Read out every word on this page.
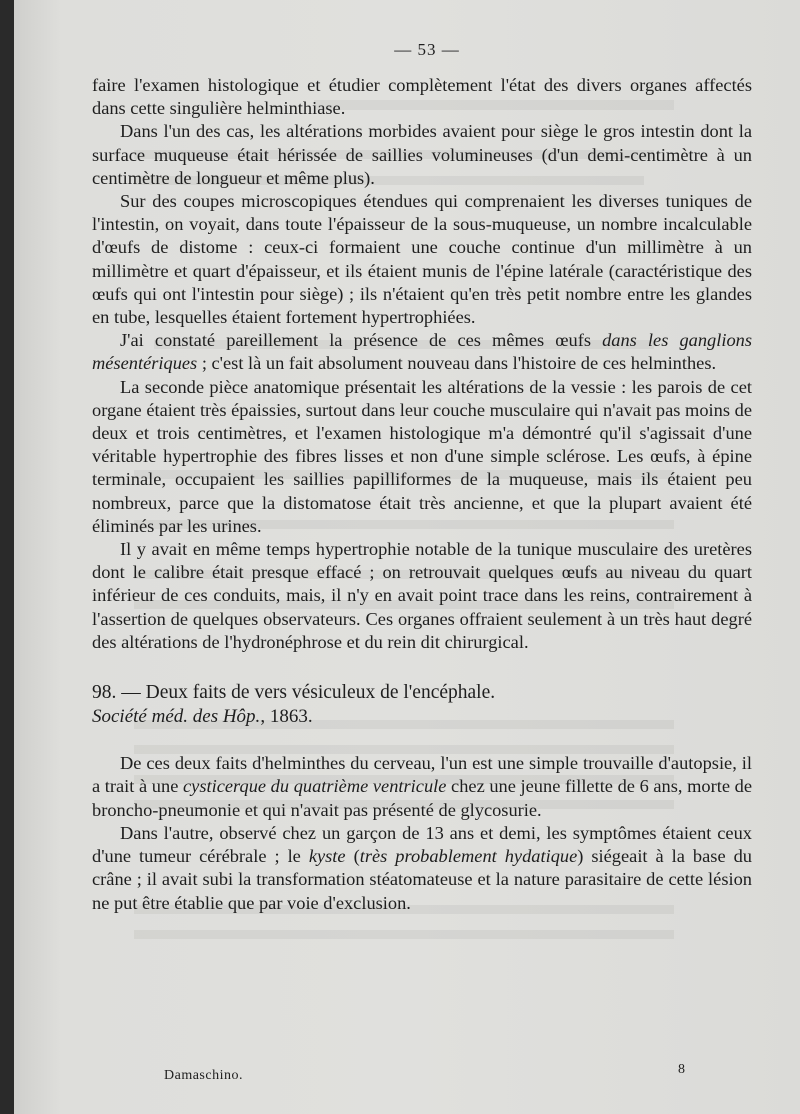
— 53 —

faire l'examen histologique et étudier complètement l'état des divers organes affectés dans cette singulière helminthiase.

Dans l'un des cas, les altérations morbides avaient pour siège le gros intestin dont la surface muqueuse était hérissée de saillies volumineuses (d'un demi-centimètre à un centimètre de longueur et même plus).

Sur des coupes microscopiques étendues qui comprenaient les diverses tuniques de l'intestin, on voyait, dans toute l'épaisseur de la sous-muqueuse, un nombre incalculable d'œufs de distome : ceux-ci formaient une couche continue d'un millimètre à un millimètre et quart d'épaisseur, et ils étaient munis de l'épine latérale (caractéristique des œufs qui ont l'intestin pour siège) ; ils n'étaient qu'en très petit nombre entre les glandes en tube, lesquelles étaient fortement hypertrophiées.

J'ai constaté pareillement la présence de ces mêmes œufs dans les ganglions mésentériques ; c'est là un fait absolument nouveau dans l'histoire de ces helminthes.

La seconde pièce anatomique présentait les altérations de la vessie : les parois de cet organe étaient très épaissies, surtout dans leur couche musculaire qui n'avait pas moins de deux et trois centimètres, et l'examen histologique m'a démontré qu'il s'agissait d'une véritable hypertrophie des fibres lisses et non d'une simple sclérose. Les œufs, à épine terminale, occupaient les saillies papilliformes de la muqueuse, mais ils étaient peu nombreux, parce que la distomatose était très ancienne, et que la plupart avaient été éliminés par les urines.

Il y avait en même temps hypertrophie notable de la tunique musculaire des uretères dont le calibre était presque effacé ; on retrouvait quelques œufs au niveau du quart inférieur de ces conduits, mais, il n'y en avait point trace dans les reins, contrairement à l'assertion de quelques observateurs. Ces organes offraient seulement à un très haut degré des altérations de l'hydronéphrose et du rein dit chirurgical.

98. — Deux faits de vers vésiculeux de l'encéphale.

Société méd. des Hôp., 1863.

De ces deux faits d'helminthes du cerveau, l'un est une simple trouvaille d'autopsie, il a trait à une cysticerque du quatrième ventricule chez une jeune fillette de 6 ans, morte de broncho-pneumonie et qui n'avait pas présenté de glycosurie.

Dans l'autre, observé chez un garçon de 13 ans et demi, les symptômes étaient ceux d'une tumeur cérébrale ; le kyste (très probablement hydatique) siégeait à la base du crâne ; il avait subi la transformation stéatomateuse et la nature parasitaire de cette lésion ne put être établie que par voie d'exclusion.

Damaschino.	8
